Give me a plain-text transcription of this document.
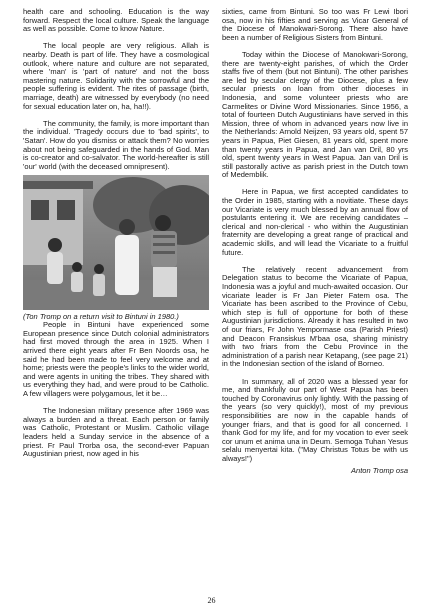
health care and schooling. Education is the way forward. Respect the local culture. Speak the language as well as possible. Come to know Nature.

The local people are very religious. Allah is nearby. Death is part of life. They have a cosmological outlook, where nature and culture are not separated, where 'man' is 'part of nature' and not the boss mastering nature. Solidarity with the sorrowful and the people suffering is evident. The rites of passage (birth, marriage, death) are witnessed by everybody (no need for sexual education later on, ha, ha!!).

The community, the family, is more important than the individual. 'Tragedy occurs due to 'bad spirits', to 'Satan'. How do you dismiss or attack them? No worries about not being safeguarded in the hands of God. Man is co-creator and co-salvator. The world-hereafter is still 'our' world (with the deceased omnipresent).

(Ton Tromp on a return visit to Bintuni in 1980.)

People in Bintuni have experienced some European presence since Dutch colonial administrators had first moved through the area in 1925. When I arrived there eight years after Fr Ben Noords osa, he said he had been made to feel very welcome and at home; priests were the people's links to the wider world, and were agents in uniting the tribes. They shared with us everything they had, and were proud to be Catholic. A few villagers were polygamous, let it be…

The Indonesian military presence after 1969 was always a burden and a threat. Each person or family was Catholic, Protestant or Muslim. Catholic village leaders held a Sunday service in the absence of a priest. Fr Paul Trorba osa, the second-ever Papuan Augustinian priest, now aged in his

sixties, came from Bintuni. So too was Fr Lewi Ibori osa, now in his fifties and serving as Vicar General of the Diocese of Manokwari-Sorong. There also have been a number of Religious Sisters from Bintuni.

Today within the Diocese of Manokwari-Sorong, there are twenty-eight parishes, of which the Order staffs five of them (but not Bintuni). The other parishes are led by secular clergy of the Diocese, plus a few secular priests on loan from other dioceses in Indonesia, and some volunteer priests who are Carmelites or Divine Word Missionaries. Since 1956, a total of fourteen Dutch Augustinians have served in this Mission, three of whom in advanced years now live in the Netherlands: Arnold Neijzen, 93 years old, spent 57 years in Papua, Piet Giesen, 81 years old, spent more than twenty years in Papua, and Jan van Dril, 80 yrs old, spent twenty years in West Papua. Jan van Dril is still pastorally active as parish priest in the Dutch town of Medemblik.

Here in Papua, we first accepted candidates to the Order in 1985, starting with a novitiate. These days our Vicariate is very much blessed by an annual flow of postulants entering it. We are receiving candidates – clerical and non-clerical - who within the Augustinian fraternity are developing a great range of practical and academic skills, and will lead the Vicariate to a fruitful future.

The relatively recent advancement from Delegation status to become the Vicariate of Papua, Indonesia was a joyful and much-awaited occasion. Our vicariate leader is Fr Jan Pieter Fatem osa. The Vicariate has been ascribed to the Province of Cebu, which step is full of opportune for both of these Augustinian jurisdictions. Already it has resulted in two of our friars, Fr John Yempormase osa (Parish Priest) and Deacon Fransiskus M'baa osa, sharing ministry with two friars from the Cebu Province in the administration of a parish near Ketapang, (see page 21) in the Indonesian section of the island of Borneo.

In summary, all of 2020 was a blessed year for me, and thankfully our part of West Papua has been touched by Coronavirus only lightly. With the passing of the years (so very quickly!), most of my previous responsibilities are now in the capable hands of younger friars, and that is good for all concerned. I thank God for my life, and for my vocation to ever seek cor unum et anima una in Deum. Semoga Tuhan Yesus selalu menyertai kita. ("May Christus Totus be with us always!")

Anton Tromp osa
26
